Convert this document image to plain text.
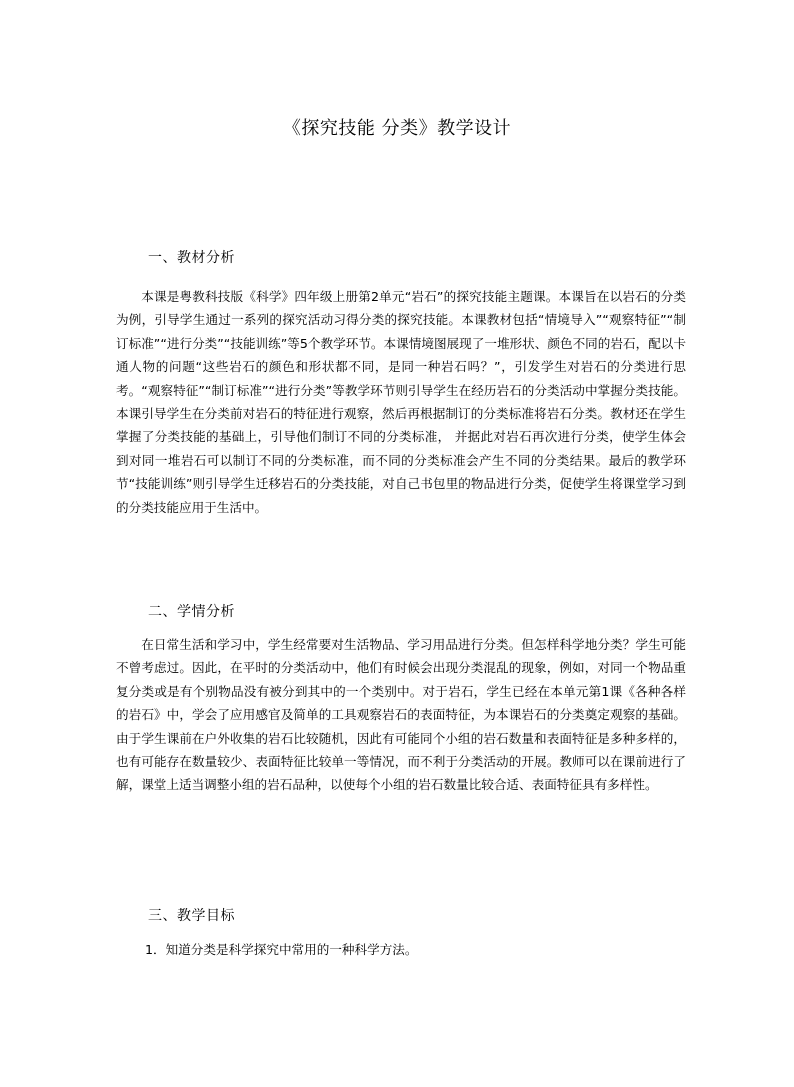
《探究技能 分类》教学设计
一、教材分析

本课是粤教科技版《科学》四年级上册第2单元“岩石”的探究技能主题课。本课旨在以岩石的分类为例，引导学生通过一系列的探究活动习得分类的探究技能。本课教材包括“情境导入”“观察特征”“制订标准”“进行分类”“技能训练”等5个教学环节。本课情境图展现了一堆形状、颜色不同的岩石，配以卡通人物的问题“这些岩石的颜色和形状都不同，是同一种岩石吗？”，引发学生对岩石的分类进行思考。“观察特征”“制订标准”“进行分类”等教学环节则引导学生在经历岩石的分类活动中掌握分类技能。本课引导学生在分类前对岩石的特征进行观察，然后再根据制订的分类标准将岩石分类。教材还在学生掌握了分类技能的基础上，引导他们制订不同的分类标准， 并据此对岩石再次进行分类，使学生体会到对同一堆岩石可以制订不同的分类标准，而不同的分类标准会产生不同的分类结果。最后的教学环节“技能训练”则引导学生迁移岩石的分类技能，对自己书包里的物品进行分类，促使学生将课堂学习到的分类技能应用于生活中。

二、学情分析

在日常生活和学习中，学生经常要对生活物品、学习用品进行分类。但怎样科学地分类？学生可能不曾考虑过。因此，在平时的分类活动中，他们有时候会出现分类混乱的现象，例如，对同一个物品重复分类或是有个别物品没有被分到其中的一个类别中。对于岩石，学生已经在本单元第1课《各种各样的岩石》中，学会了应用感官及简单的工具观察岩石的表面特征，为本课岩石的分类奠定观察的基础。由于学生课前在户外收集的岩石比较随机，因此有可能同个小组的岩石数量和表面特征是多种多样的，也有可能存在数量较少、表面特征比较单一等情况，而不利于分类活动的开展。教师可以在课前进行了解，课堂上适当调整小组的岩石品种，以使每个小组的岩石数量比较合适、表面特征具有多样性。

三、教学目标
1．知道分类是科学探究中常用的一种科学方法。
